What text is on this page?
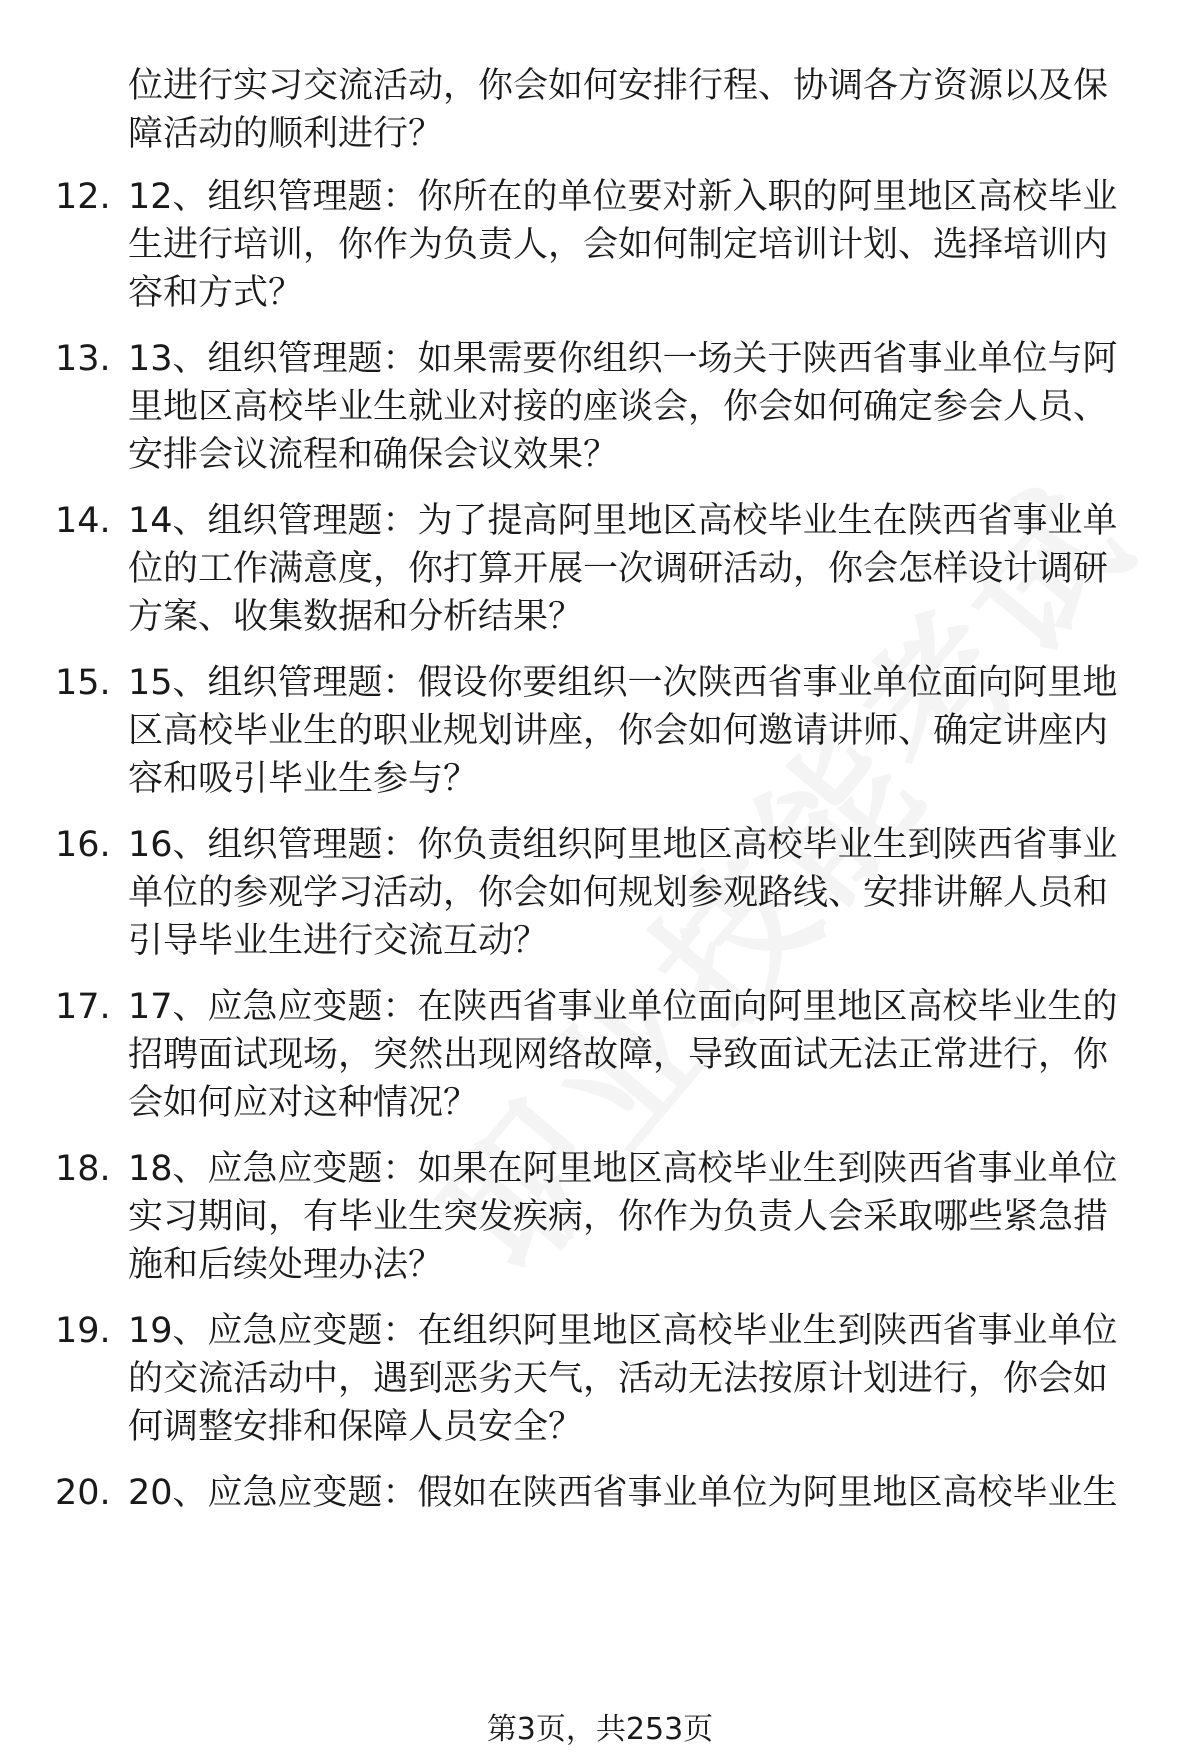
位进行实习交流活动，你会如何安排行程、协调各方资源以及保
障活动的顺利进行？
12. 12、组织管理题：你所在的单位要对新入职的阿里地区高校毕业
生进行培训，你作为负责人，会如何制定培训计划、选择培训内
容和方式？
13. 13、组织管理题：如果需要你组织一场关于陕西省事业单位与阿
里地区高校毕业生就业对接的座谈会，你会如何确定参会人员、
安排会议流程和确保会议效果？
14. 14、组织管理题：为了提高阿里地区高校毕业生在陕西省事业单
位的工作满意度，你打算开展一次调研活动，你会怎样设计调研
方案、收集数据和分析结果？
15. 15、组织管理题：假设你要组织一次陕西省事业单位面向阿里地
区高校毕业生的职业规划讲座，你会如何邀请讲师、确定讲座内
容和吸引毕业生参与？
16. 16、组织管理题：你负责组织阿里地区高校毕业生到陕西省事业
单位的参观学习活动，你会如何规划参观路线、安排讲解人员和
引导毕业生进行交流互动？
17. 17、应急应变题：在陕西省事业单位面向阿里地区高校毕业生的
招聘面试现场，突然出现网络故障，导致面试无法正常进行，你
会如何应对这种情况？
18. 18、应急应变题：如果在阿里地区高校毕业生到陕西省事业单位
实习期间，有毕业生突发疾病，你作为负责人会采取哪些紧急措
施和后续处理办法？
19. 19、应急应变题：在组织阿里地区高校毕业生到陕西省事业单位
的交流活动中，遇到恶劣天气，活动无法按原计划进行，你会如
何调整安排和保障人员安全？
20. 20、应急应变题：假如在陕西省事业单位为阿里地区高校毕业生
第3页，共253页
